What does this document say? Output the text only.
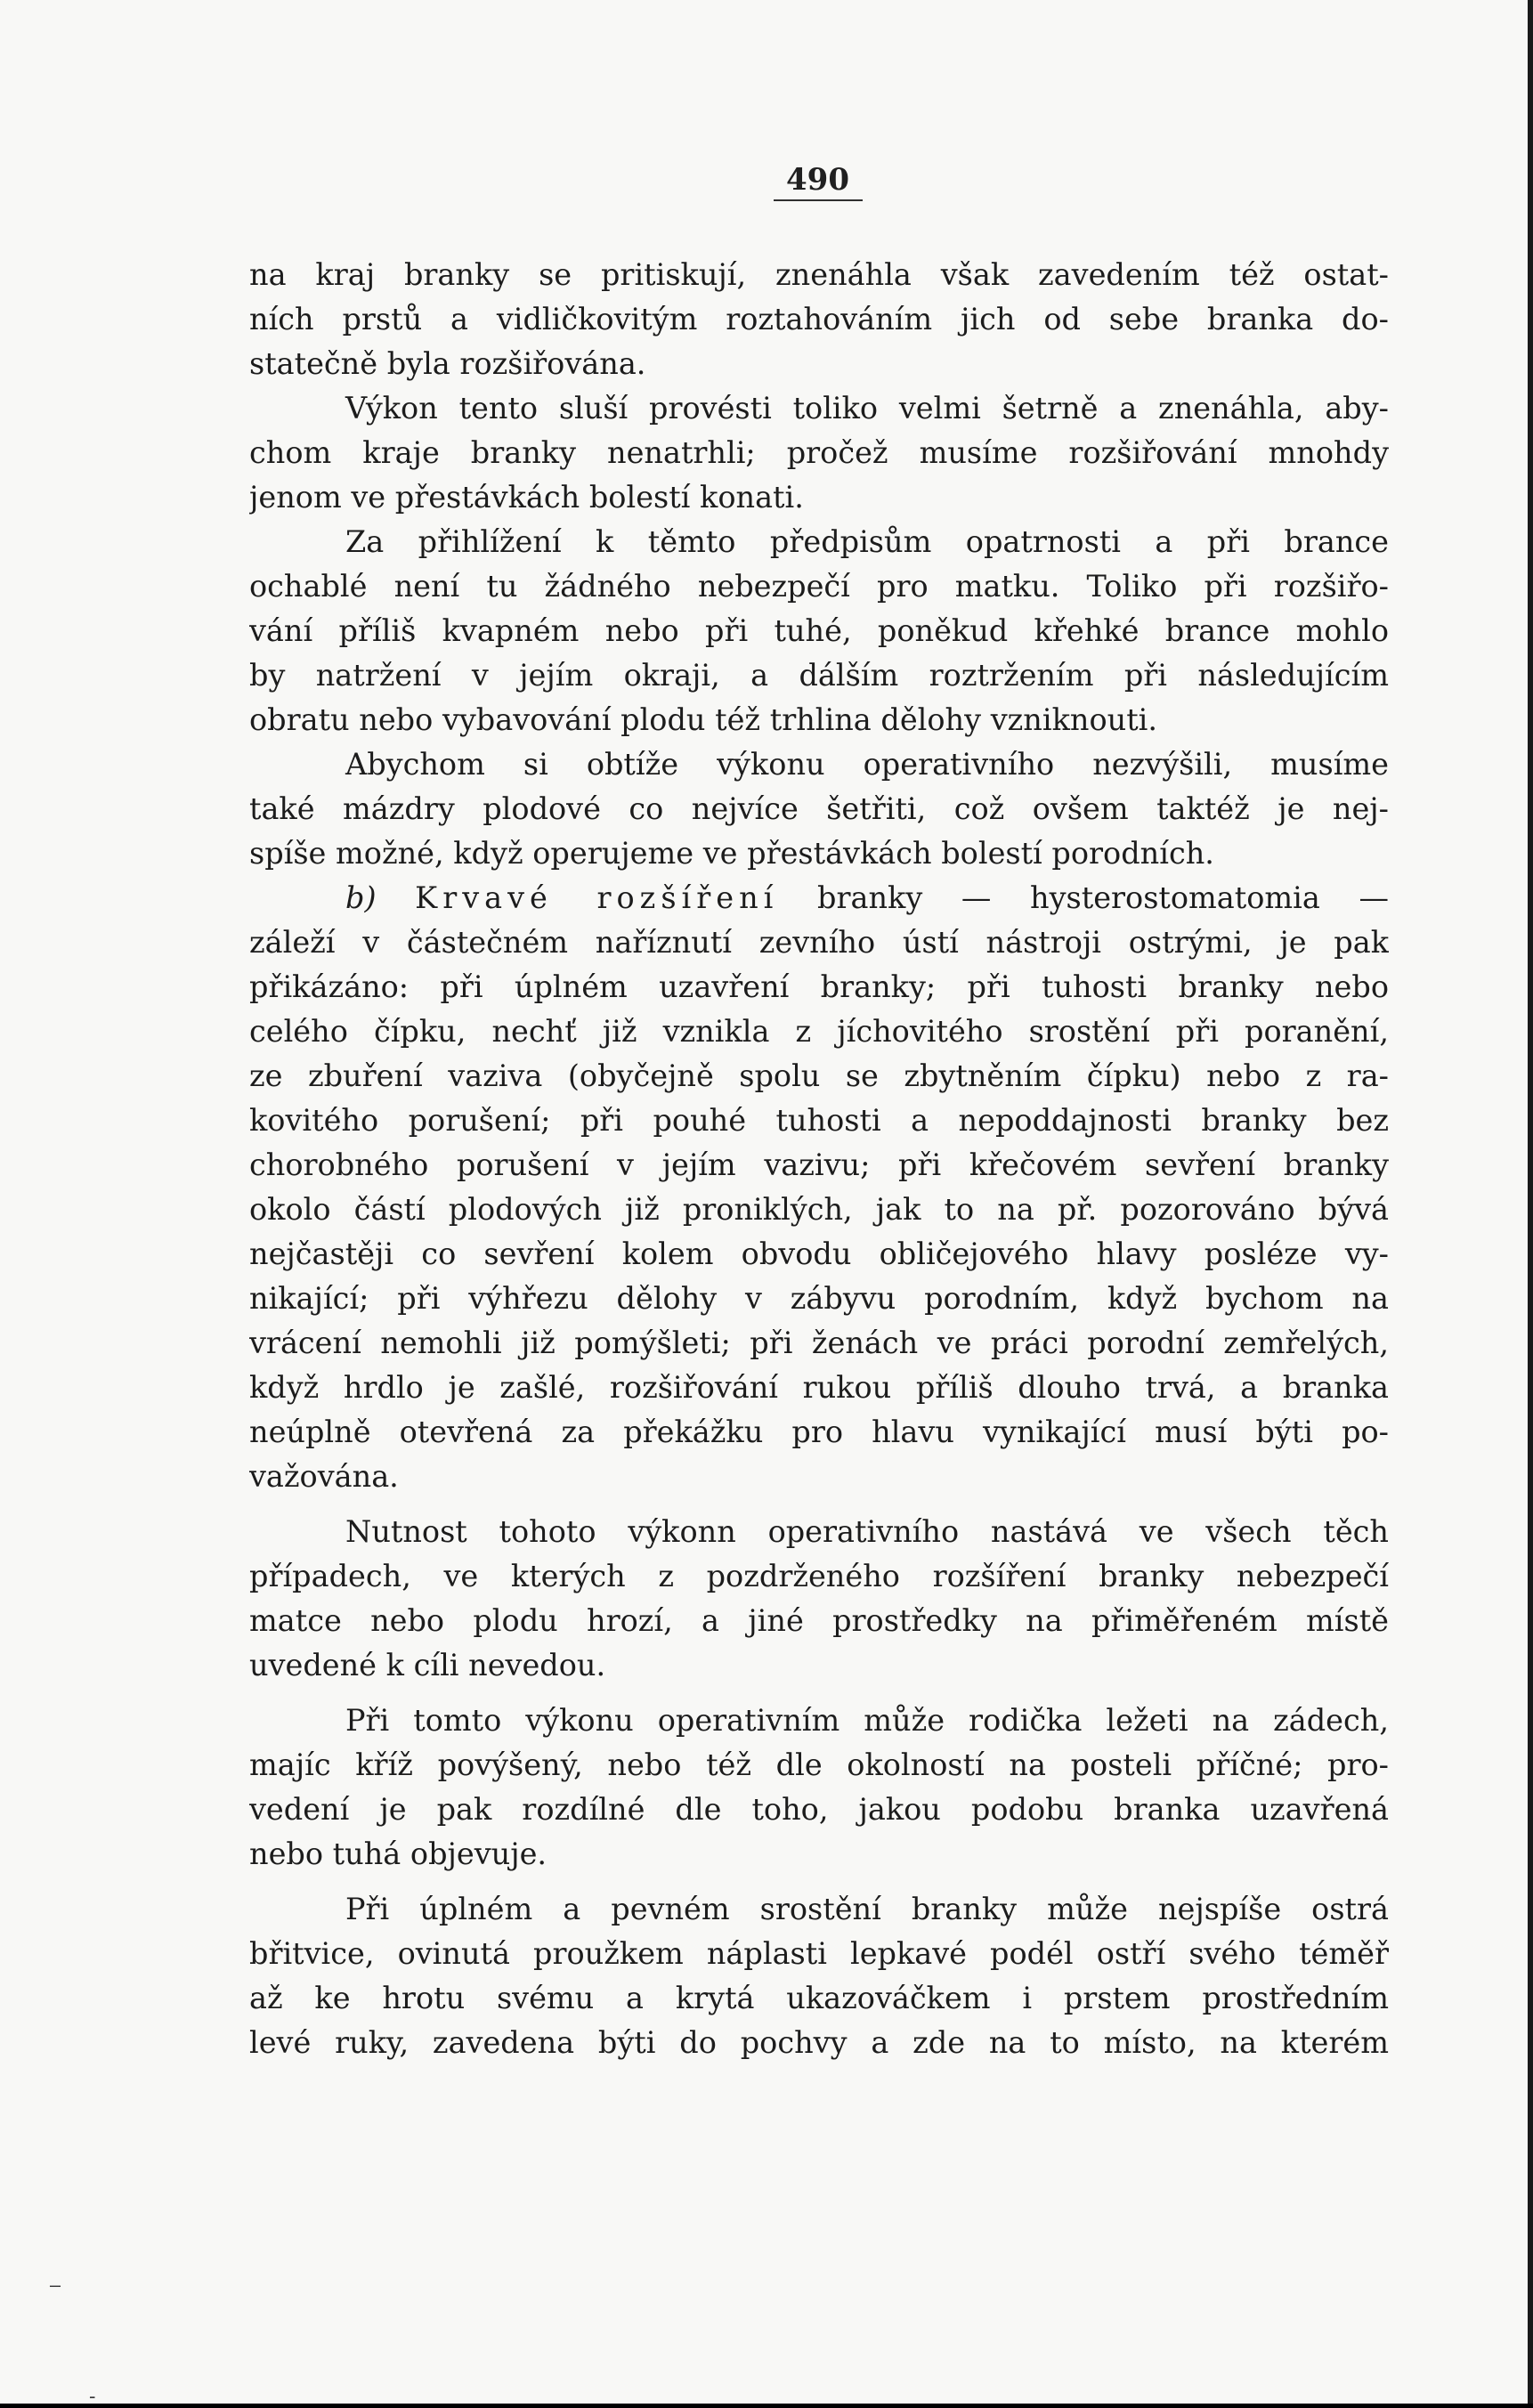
490
na kraj branky se pritiskují, znenáhla však zavedením též ostat-
ních prstů a vidličkovitým roztahováním jich od sebe branka do-
statečně byla rozšiřována.
Výkon tento sluší provésti toliko velmi šetrně a znenáhla, aby-
chom kraje branky nenatrhli; pročež musíme rozšiřování mnohdy
jenom ve přestávkách bolestí konati.
Za přihlížení k těmto předpisům opatrnosti a při brance
ochablé není tu žádného nebezpečí pro matku. Toliko při rozšiřo-
vání příliš kvapném nebo při tuhé, poněkud křehké brance mohlo
by natržení v jejím okraji, a dálším roztržením při následujícím
obratu nebo vybavování plodu též trhlina dělohy vzniknouti.
Abychom si obtíže výkonu operativního nezvýšili, musíme
také mázdry plodové co nejvíce šetřiti, což ovšem taktéž je nej-
spíše možné, když operujeme ve přestávkách bolestí porodních.
b) Krvavé rozšíření branky — hysterostomatomia —
záleží v částečném naříznutí zevního ústí nástroji ostrými, je pak
přikázáno: při úplném uzavření branky; při tuhosti branky nebo
celého čípku, nechť již vznikla z jíchovitého srostění při poranění,
ze zbuření vaziva (obyčejně spolu se zbytněním čípku) nebo z ra-
kovitého porušení; při pouhé tuhosti a nepoddajnosti branky bez
chorobného porušení v jejím vazivu; při křečovém sevření branky
okolo částí plodových již proniklých, jak to na př. pozorováno bývá
nejčastěji co sevření kolem obvodu obličejového hlavy posléze vy-
nikající; při výhřezu dělohy v zábyvu porodním, když bychom na
vrácení nemohli již pomýšleti; při ženách ve práci porodní zemřelých,
když hrdlo je zašlé, rozšiřování rukou příliš dlouho trvá, a branka
neúplně otevřená za překážku pro hlavu vynikající musí býti po-
važována.
Nutnost tohoto výkonn operativního nastává ve všech těch
případech, ve kterých z pozdrženého rozšíření branky nebezpečí
matce nebo plodu hrozí, a jiné prostředky na přiměřeném místě
uvedené k cíli nevedou.
Při tomto výkonu operativním může rodička ležeti na zádech,
majíc kříž povýšený, nebo též dle okolností na posteli příčné; pro-
vedení je pak rozdílné dle toho, jakou podobu branka uzavřená
nebo tuhá objevuje.
Při úplném a pevném srostění branky může nejspíše ostrá
břitvice, ovinutá proužkem náplasti lepkavé podél ostří svého téměř
až ke hrotu svému a krytá ukazováčkem i prstem prostředním
levé ruky, zavedena býti do pochvy a zde na to místo, na kterém
‒
-
